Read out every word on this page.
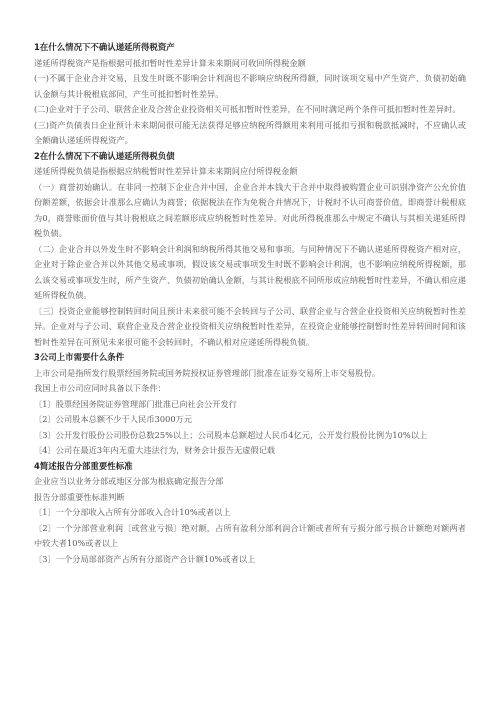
1在什么情况下不确认递延所得税资产
递延所得税资产是指根据可抵扣暂时性差异计算未来期间可收回所得税金额
(一)不属于企业合并交易，且发生时既不影响会计利润也不影响应纳税所得额，同时该项交易中产生资产、负债初始确认金额与其计税根底部同，产生可抵扣暂时性差异。
(二)企业对于子公司、联营企业及合营企业投资相关可抵扣暂时性差异，在不同时满足两个条件可抵扣暂时性差异时。
(三)资产负债表日企业预计未来期间很可能无法获得足够应纳税所得额用来利用可抵扣亏损和税款抵减时，不应确认或全额确认递延所得税资产。
2在什么情况下不确认递延所得税负债
递延所得税负债是指根据应纳税暂时性差异计算未来期间应付所得税金额
（一）商誉初始确认。在非同一控制下企业合并中国，企业合并本钱大于合并中取得被购置企业可识别净资产公允价值份额差额，依据会计准那么应确认为商誉；依据税法在作为免税合并情况下，计税时不认可商誉价值，即商誉计税根底为0，商誉账面价值与其计税根底之间差额形成应纳税暂时性差异。对此所得税准那么中规定不确认与其相关递延所得税负债。
（二）企业合并以外发生时不影响会计利润和纳税所得其他交易和事项。与同种情况下不确认递延所得税资产相对应，企业对于除企业合并以外其他交易或事项，假设该交易或事项发生时既不影响会计利润，也不影响应纳税所得税额，那么该交易或事项发生时，所产生资产、负债初始确认金额，与其计税根底不同所形成应纳税暂时性差异，不确认相应递延所得税负债。
〔三〕投资企业能够控制转回时间且预计未来很可能不会转回与子公司、联营企业与合营企业投资相关应纳税暂时性差异。企业对与子公司、联营企业及合营企业投资相关应纳税暂时性差异，在投资企业能够控制暂时性差异转回时间和该暂时性差异在可预见未来很可能不会转回时，不确认相对应递延所得税负债。
3公司上市需要什么条件
上市公司是指所发行股票经国务院或国务院授权证券管理部门批准在证券交易所上市交易股份。
我国上市公司应同时具备以下条件：
〔1〕股票经国务院证券管理部门批准已向社会公开发行
〔2〕公司股本总额不少于人民币3000万元
〔3〕公开发行股份公司股份总数25%以上；公司股本总额超过人民币4亿元，公开发行股份比例为10%以上
〔4〕公司在最近3年内无重大违法行为，财务会计报告无虚假记载
4简述报告分部重要性标准
企业应当以业务分部或地区分部为根底确定报告分部
报告分部重要性标准判断
〔1〕一个分部收入占所有分部收入合计10%或者以上
〔2〕一个分部营业利润〔或营业亏损〕绝对额，占所有盈利分部利润合计额或者所有亏损分部亏损合计额绝对额两者中较大者10%或者以上
〔3〕一个分局部部资产占所有分部资产合计额10%或者以上
